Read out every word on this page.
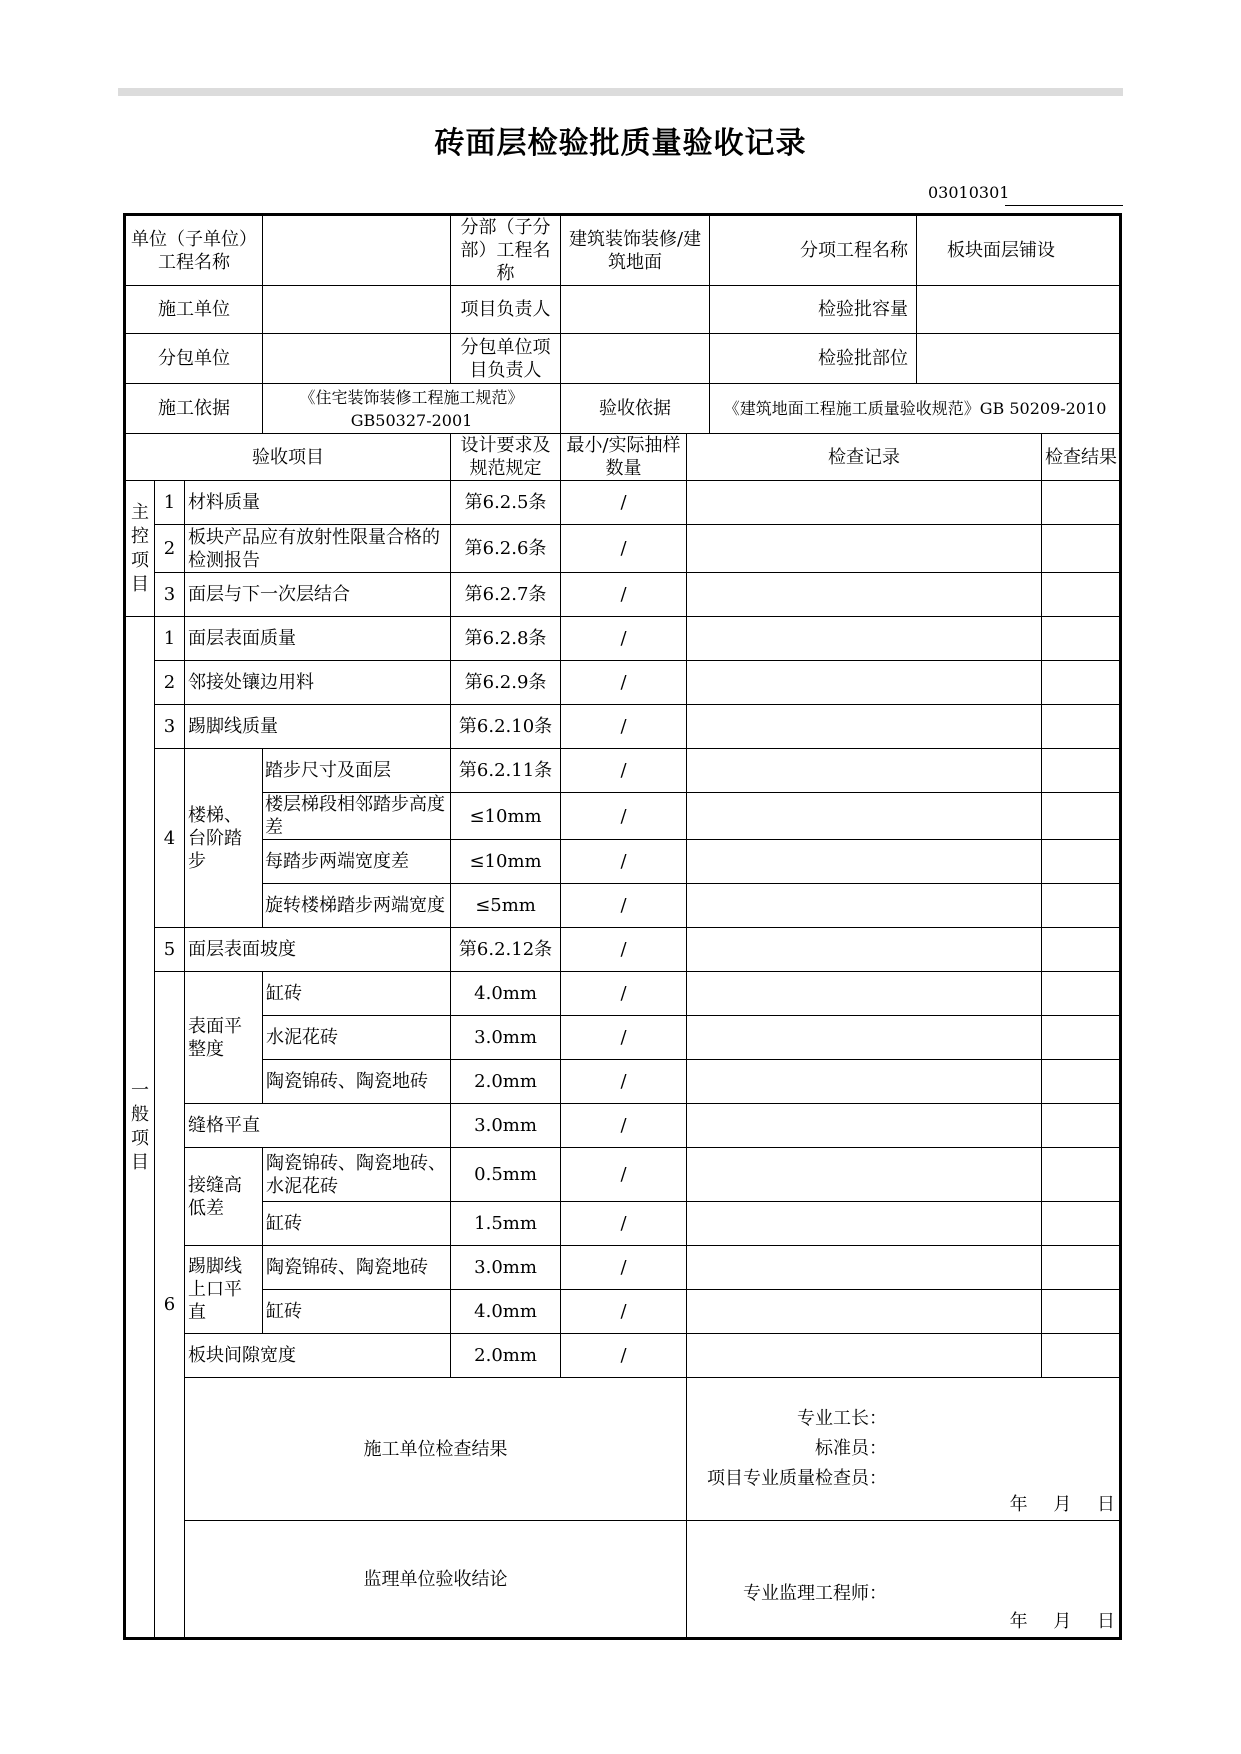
砖面层检验批质量验收记录
03010301
单位（子单位）工程名称				分部（子分部）工程名称	建筑装饰装修/建筑地面		分项工程名称	板块面层铺设	
施工单位				项目负责人			检验批容量		
分包单位				分包单位项目负责人			检验批部位		
施工依据			《住宅装饰装修工程施工规范》GB50327-2001		验收依据		《建筑地面工程施工质量验收规范》GB 50209-2010		
验收项目				设计要求及规范规定	最小/实际抽样数量	检查记录			检查结果
主控项目	1	材料质量		第6.2.5条	/				
	2	板块产品应有放射性限量合格的检测报告		第6.2.6条	/				
	3	面层与下一次层结合		第6.2.7条	/				
一般项目	1	面层表面质量		第6.2.8条	/				
	2	邻接处镶边用料		第6.2.9条	/				
	3	踢脚线质量		第6.2.10条	/				
	4	楼梯、台阶踏步	踏步尺寸及面层	第6.2.11条	/				
			楼层梯段相邻踏步高度差	≤10mm	/				
			每踏步两端宽度差	≤10mm	/				
			旋转楼梯踏步两端宽度	≤5mm	/				
	5	面层表面坡度		第6.2.12条	/				
	6	表面平整度	缸砖	4.0mm	/				
			水泥花砖	3.0mm	/				
			陶瓷锦砖、陶瓷地砖	2.0mm	/				
		缝格平直		3.0mm	/				
		接缝高低差	陶瓷锦砖、陶瓷地砖、水泥花砖	0.5mm	/				
			缸砖	1.5mm	/				
		踢脚线上口平直	陶瓷锦砖、陶瓷地砖	3.0mm	/				
			缸砖	4.0mm	/				
		板块间隙宽度		2.0mm	/				
		施工单位检查结果				专业工长：
标准员：
项目专业质量检查员：
年 月 日			

		监理单位验收结论				专业监理工程师：
年 月 日			
